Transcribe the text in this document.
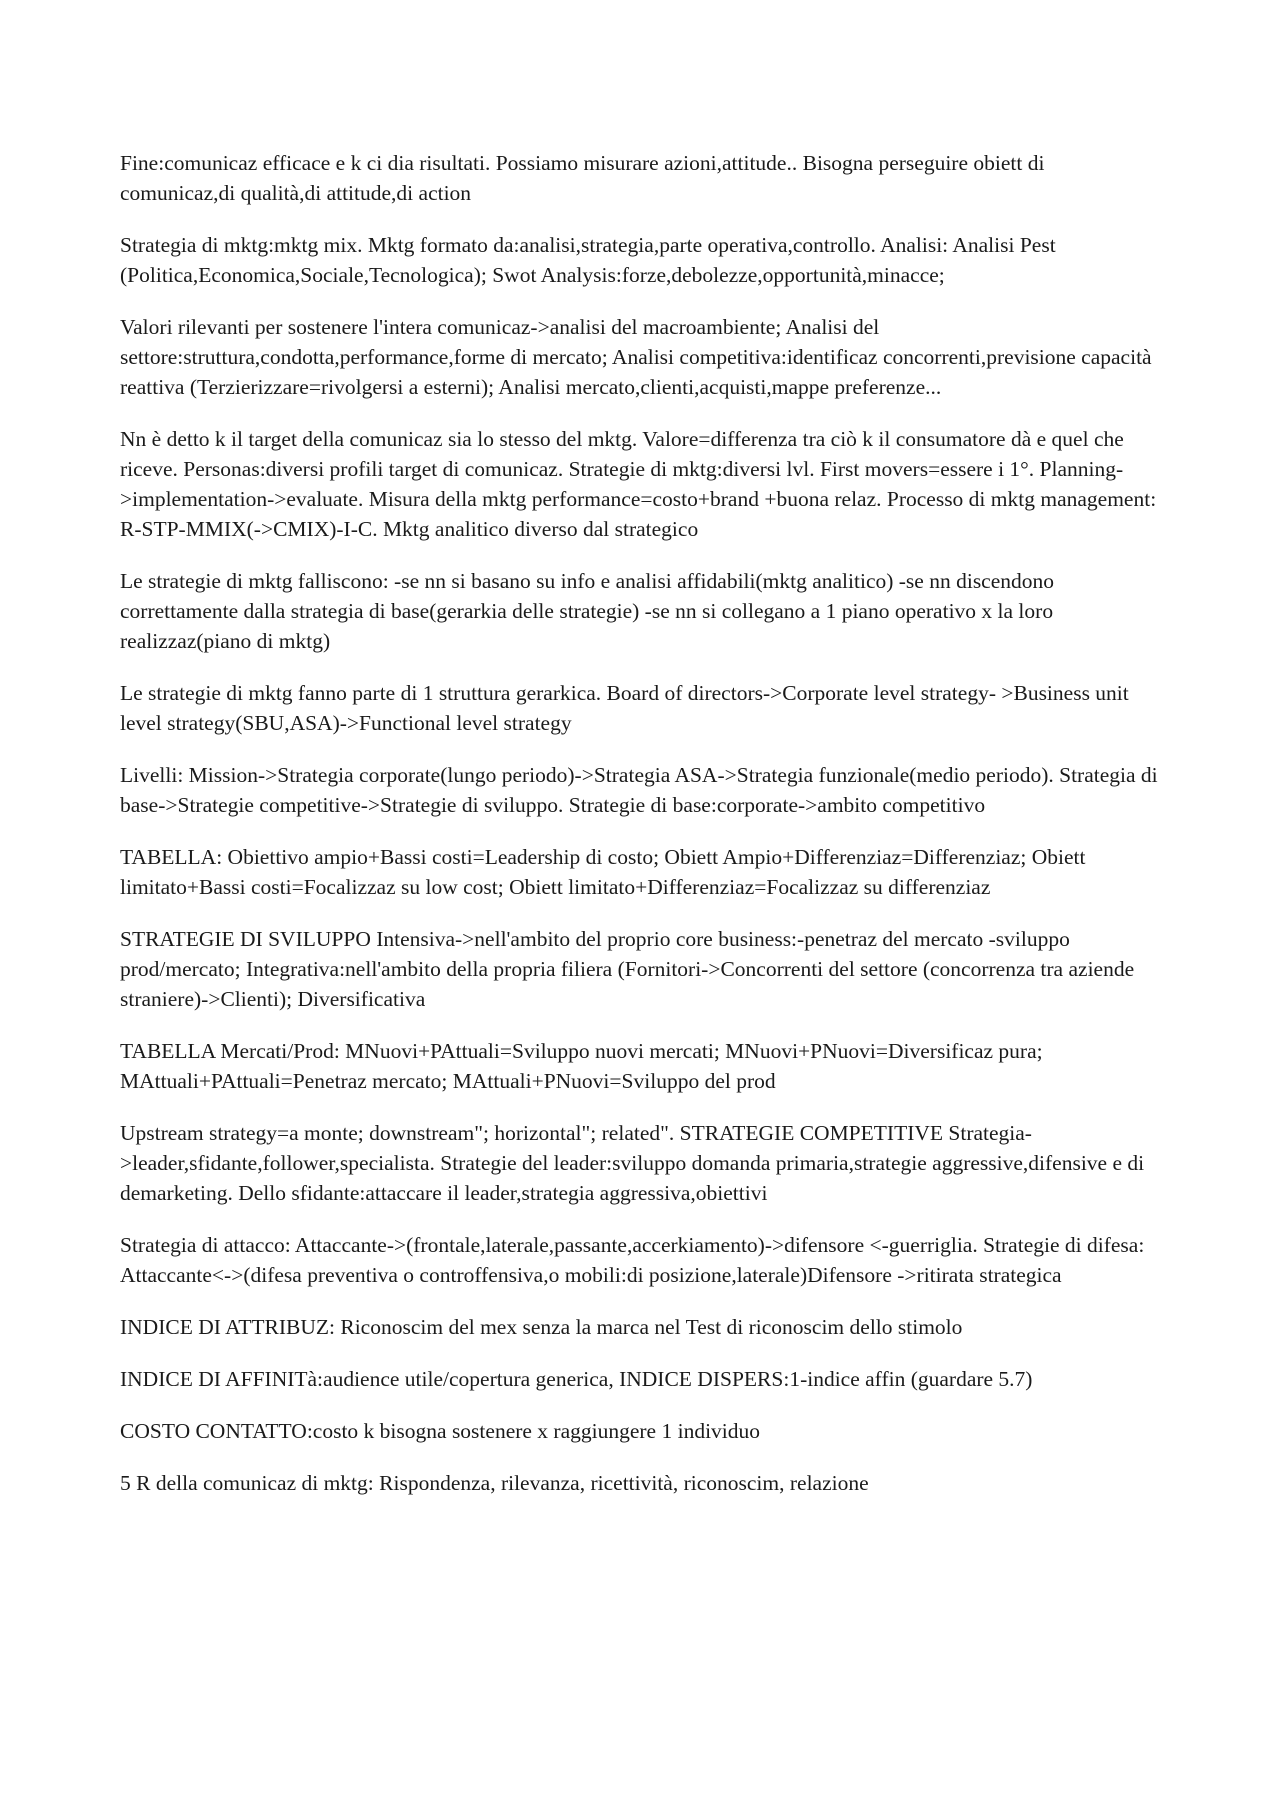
Fine:comunicaz efficace e k ci dia risultati. Possiamo misurare azioni,attitude.. Bisogna perseguire obiett di comunicaz,di qualità,di attitude,di action

Strategia di mktg:mktg mix. Mktg formato da:analisi,strategia,parte operativa,controllo. Analisi: Analisi Pest (Politica,Economica,Sociale,Tecnologica); Swot Analysis:forze,debolezze,opportunità,minacce;

Valori rilevanti per sostenere l'intera comunicaz->analisi del macroambiente; Analisi del settore:struttura,condotta,performance,forme di mercato; Analisi competitiva:identificaz concorrenti,previsione capacità reattiva (Terzierizzare=rivolgersi a esterni); Analisi mercato,clienti,acquisti,mappe preferenze...

Nn è detto k il target della comunicaz sia lo stesso del mktg. Valore=differenza tra ciò k il consumatore dà e quel che riceve. Personas:diversi profili target di comunicaz. Strategie di mktg:diversi lvl. First movers=essere i 1°. Planning->implementation->evaluate. Misura della mktg performance=costo+brand +buona relaz. Processo di mktg management: R-STP-MMIX(->CMIX)-I-C. Mktg analitico diverso dal strategico

Le strategie di mktg falliscono: -se nn si basano su info e analisi affidabili(mktg analitico) -se nn discendono correttamente dalla strategia di base(gerarkia delle strategie) -se nn si collegano a 1 piano operativo x la loro realizzaz(piano di mktg)

Le strategie di mktg fanno parte di 1 struttura gerarkica. Board of directors->Corporate level strategy- >Business unit level strategy(SBU,ASA)->Functional level strategy

Livelli: Mission->Strategia corporate(lungo periodo)->Strategia ASA->Strategia funzionale(medio periodo). Strategia di base->Strategie competitive->Strategie di sviluppo. Strategie di base:corporate->ambito competitivo

TABELLA: Obiettivo ampio+Bassi costi=Leadership di costo; Obiett Ampio+Differenziaz=Differenziaz; Obiett limitato+Bassi costi=Focalizzaz su low cost; Obiett limitato+Differenziaz=Focalizzaz su differenziaz

STRATEGIE DI SVILUPPO Intensiva->nell'ambito del proprio core business:-penetraz del mercato -sviluppo prod/mercato; Integrativa:nell'ambito della propria filiera (Fornitori->Concorrenti del settore (concorrenza tra aziende straniere)->Clienti); Diversificativa

TABELLA Mercati/Prod: MNuovi+PAttuali=Sviluppo nuovi mercati; MNuovi+PNuovi=Diversificaz pura; MAttuali+PAttuali=Penetraz mercato; MAttuali+PNuovi=Sviluppo del prod

Upstream strategy=a monte; downstream"; horizontal"; related". STRATEGIE COMPETITIVE Strategia- >leader,sfidante,follower,specialista. Strategie del leader:sviluppo domanda primaria,strategie aggressive,difensive e di demarketing. Dello sfidante:attaccare il leader,strategia aggressiva,obiettivi

Strategia di attacco: Attaccante->(frontale,laterale,passante,accerkiamento)->difensore <-guerriglia. Strategie di difesa: Attaccante<->(difesa preventiva o controffensiva,o mobili:di posizione,laterale)Difensore ->ritirata strategica

INDICE DI ATTRIBUZ: Riconoscim del mex senza la marca nel Test di riconoscim dello stimolo

INDICE DI AFFINITà:audience utile/copertura generica, INDICE DISPERS:1-indice affin (guardare 5.7)

COSTO CONTATTO:costo k bisogna sostenere x raggiungere 1 individuo

5 R della comunicaz di mktg: Rispondenza, rilevanza, ricettività, riconoscim, relazione
